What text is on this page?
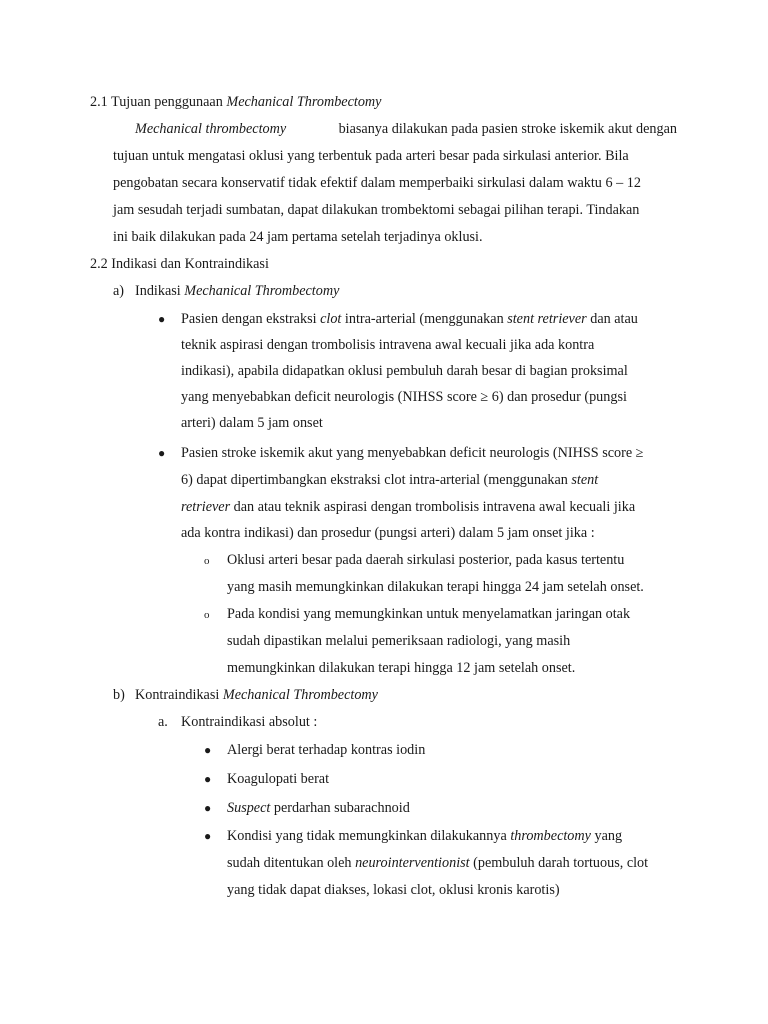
2.1 Tujuan penggunaan Mechanical Thrombectomy
Mechanical thrombectomy	biasanya dilakukan pada pasien stroke iskemik akut dengan
tujuan untuk mengatasi oklusi yang terbentuk pada arteri besar pada sirkulasi anterior. Bila
pengobatan secara konservatif tidak efektif dalam memperbaiki sirkulasi dalam waktu 6 – 12
jam sesudah terjadi sumbatan, dapat dilakukan trombektomi sebagai pilihan terapi. Tindakan
ini baik dilakukan pada 24 jam pertama setelah terjadinya oklusi.
2.2 Indikasi dan Kontraindikasi
a) Indikasi Mechanical Thrombectomy
● Pasien dengan ekstraksi clot intra-arterial (menggunakan stent retriever dan atau
teknik aspirasi dengan trombolisis intravena awal kecuali jika ada kontra
indikasi), apabila didapatkan oklusi pembuluh darah besar di bagian proksimal
yang menyebabkan deficit neurologis (NIHSS score ≥ 6) dan prosedur (pungsi
arteri) dalam 5 jam onset
● Pasien stroke iskemik akut yang menyebabkan deficit neurologis (NIHSS score ≥
6) dapat dipertimbangkan ekstraksi clot intra-arterial (menggunakan stent
retriever dan atau teknik aspirasi dengan trombolisis intravena awal kecuali jika
ada kontra indikasi) dan prosedur (pungsi arteri) dalam 5 jam onset jika :
o Oklusi arteri besar pada daerah sirkulasi posterior, pada kasus tertentu
yang masih memungkinkan dilakukan terapi hingga 24 jam setelah onset.
o Pada kondisi yang memungkinkan untuk menyelamatkan jaringan otak
sudah dipastikan melalui pemeriksaan radiologi, yang masih
memungkinkan dilakukan terapi hingga 12 jam setelah onset.
b) Kontraindikasi Mechanical Thrombectomy
a. Kontraindikasi absolut :
● Alergi berat terhadap kontras iodin
● Koagulopati berat
● Suspect perdarhan subarachnoid
● Kondisi yang tidak memungkinkan dilakukannya thrombectomy yang
sudah ditentukan oleh neurointerventionist (pembuluh darah tortuous, clot
yang tidak dapat diakses, lokasi clot, oklusi kronis karotis)
